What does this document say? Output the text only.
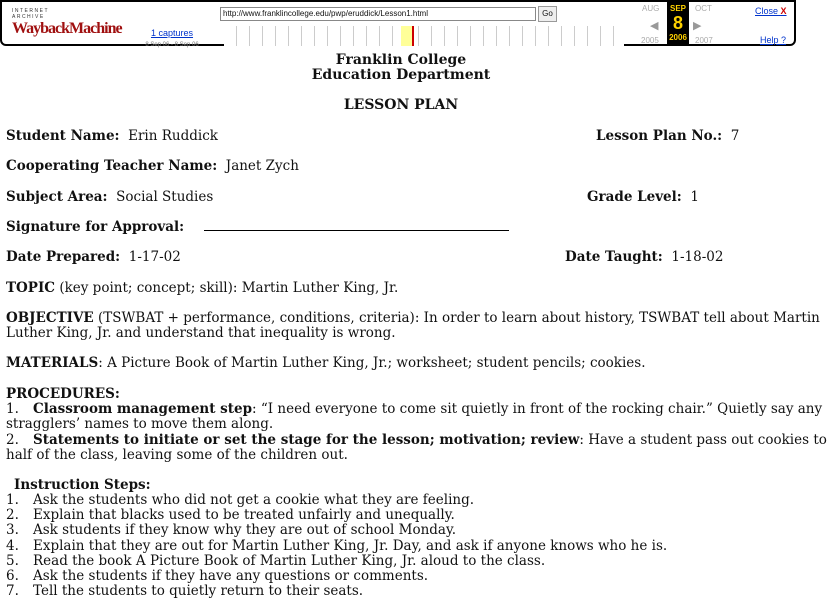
INTERNET ARCHIVE
WaybackMachine	1 captures
8 Sep 06 - 8 Sep 06
http://www.franklincollege.edu/pwp/eruddick/Lesson1.html	Go
AUG	OCT
2005	2007
◀	▶
SEP
8
2006
Close X
Help ?
Franklin College
Education Department
LESSON PLAN
Student Name: Erin Ruddick	Lesson Plan No.: 7
Cooperating Teacher Name: Janet Zych
Subject Area: Social Studies	Grade Level: 1
Signature for Approval:
Date Prepared: 1-17-02	Date Taught: 1-18-02
TOPIC (key point; concept; skill): Martin Luther King, Jr.
OBJECTIVE (TSWBAT + performance, conditions, criteria): In order to learn about history, TSWBAT tell about Martin
Luther King, Jr. and understand that inequality is wrong.
MATERIALS: A Picture Book of Martin Luther King, Jr.; worksheet; student pencils; cookies.
PROCEDURES:
1. Classroom management step: “I need everyone to come sit quietly in front of the rocking chair.” Quietly say any
stragglers’ names to move them along.
2. Statements to initiate or set the stage for the lesson; motivation; review: Have a student pass out cookies to
half of the class, leaving some of the children out.
Instruction Steps:
1. Ask the students who did not get a cookie what they are feeling.
2. Explain that blacks used to be treated unfairly and unequally.
3. Ask students if they know why they are out of school Monday.
4. Explain that they are out for Martin Luther King, Jr. Day, and ask if anyone knows who he is.
5. Read the book A Picture Book of Martin Luther King, Jr. aloud to the class.
6. Ask the students if they have any questions or comments.
7. Tell the students to quietly return to their seats.
